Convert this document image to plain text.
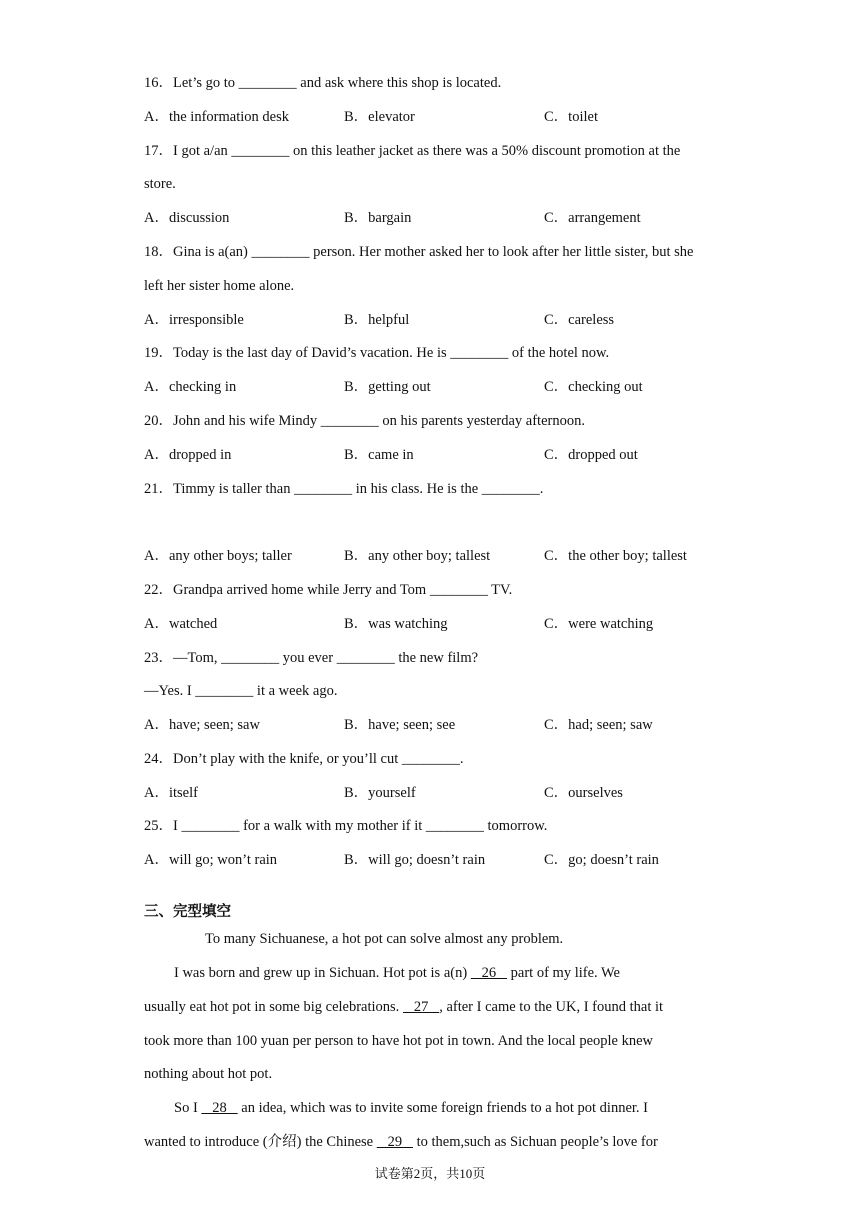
16．Let’s go to ________ and ask where this shop is located.
A．the information desk	B．elevator	C．toilet
17．I got a/an ________ on this leather jacket as there was a 50% discount promotion at the
store.
A．discussion	B．bargain	C．arrangement
18．Gina is a(an) ________ person. Her mother asked her to look after her little sister, but she
left her sister home alone.
A．irresponsible	B．helpful	C．careless
19．Today is the last day of David’s vacation. He is ________ of the hotel now.
A．checking in	B．getting out	C．checking out
20．John and his wife Mindy ________ on his parents yesterday afternoon.
A．dropped in	B．came in	C．dropped out
21．Timmy is taller than ________ in his class. He is the ________.
A．any other boys; taller	B．any other boy; tallest	C．the other boy; tallest
22．Grandpa arrived home while Jerry and Tom ________ TV.
A．watched	B．was watching	C．were watching
23．—Tom, ________ you ever ________ the new film?
—Yes. I ________ it a week ago.
A．have; seen; saw	B．have; seen; see	C．had; seen; saw
24．Don’t play with the knife, or you’ll cut ________.
A．itself	B．yourself	C．ourselves
25．I ________ for a walk with my mother if it ________ tomorrow.
A．will go; won’t rain	B．will go; doesn’t rain	C．go; doesn’t rain
三、完型填空
To many Sichuanese, a hot pot can solve almost any problem.
I was born and grew up in Sichuan. Hot pot is a(n)    26    part of my life. We
usually eat hot pot in some big celebrations.    27   , after I came to the UK, I found that it
took more than 100 yuan per person to have hot pot in town. And the local people knew
nothing about hot pot.
So I    28    an idea, which was to invite some foreign friends to a hot pot dinner. I
wanted to introduce (介绍) the Chinese    29    to them,such as Sichuan people’s love for
试卷第2页，共10页
